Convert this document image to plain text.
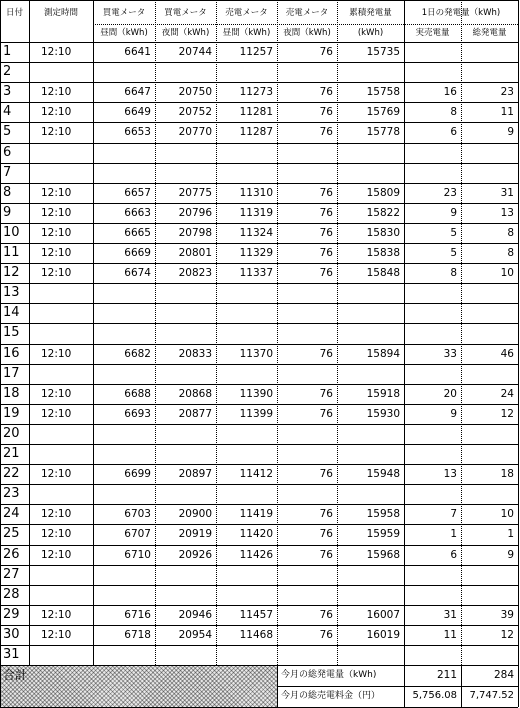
日付	測定時間	買電メータ	買電メータ	売電メータ	売電メータ	累積発電量	1日の発電量（kWh)
昼間（kWh)	夜間（kWh)	昼間（kWh)	夜間（kWh)	(kWh)	実売電量	総発電量
1	12:10	6641	20744	11257	76	15735
2
3	12:10	6647	20750	11273	76	15758	16	23
4	12:10	6649	20752	11281	76	15769	8	11
5	12:10	6653	20770	11287	76	15778	6	9
6
7
8	12:10	6657	20775	11310	76	15809	23	31
9	12:10	6663	20796	11319	76	15822	9	13
10	12:10	6665	20798	11324	76	15830	5	8
11	12:10	6669	20801	11329	76	15838	5	8
12	12:10	6674	20823	11337	76	15848	8	10
13
14
15
16	12:10	6682	20833	11370	76	15894	33	46
17
18	12:10	6688	20868	11390	76	15918	20	24
19	12:10	6693	20877	11399	76	15930	9	12
20
21
22	12:10	6699	20897	11412	76	15948	13	18
23
24	12:10	6703	20900	11419	76	15958	7	10
25	12:10	6707	20919	11420	76	15959	1	1
26	12:10	6710	20926	11426	76	15968	6	9
27
28
29	12:10	6716	20946	11457	76	16007	31	39
30	12:10	6718	20954	11468	76	16019	11	12
31
合計	今月の総発電量（kWh)	211	284
今月の総売電料金（円）	5,756.08	7,747.52
